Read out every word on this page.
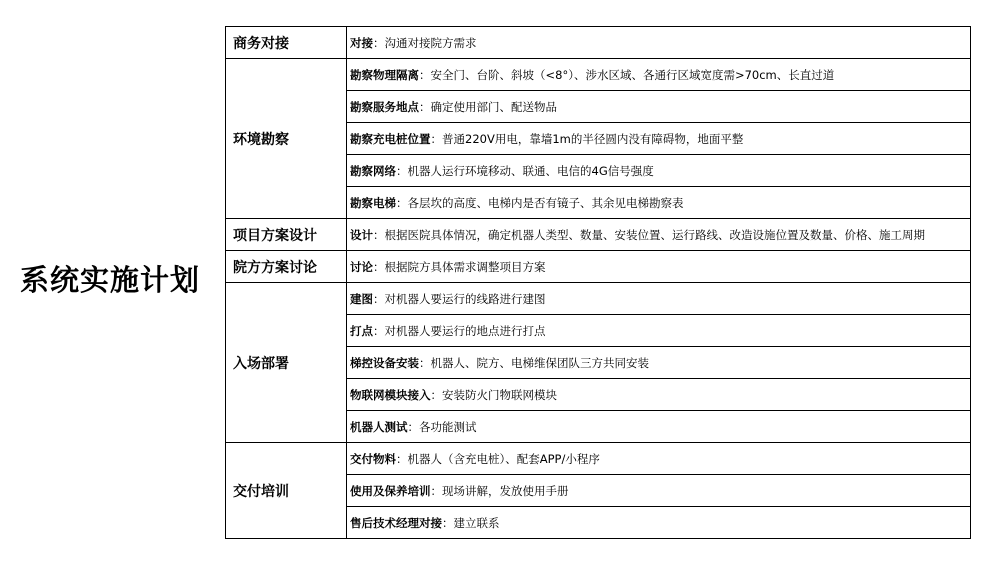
系统实施计划
商务对接	对接：沟通对接院方需求
环境勘察	勘察物理隔离：安全门、台阶、斜坡（<8°）、涉水区域、各通行区域宽度需>70cm、长直过道
	勘察服务地点：确定使用部门、配送物品
	勘察充电桩位置：普通220V用电，靠墙1m的半径圆内没有障碍物，地面平整
	勘察网络：机器人运行环境移动、联通、电信的4G信号强度
	勘察电梯：各层坎的高度、电梯内是否有镜子、其余见电梯勘察表
项目方案设计	设计：根据医院具体情况，确定机器人类型、数量、安装位置、运行路线、改造设施位置及数量、价格、施工周期
院方方案讨论	讨论：根据院方具体需求调整项目方案
入场部署	建图：对机器人要运行的线路进行建图
	打点：对机器人要运行的地点进行打点
	梯控设备安装：机器人、院方、电梯维保团队三方共同安装
	物联网模块接入：安装防火门物联网模块
	机器人测试：各功能测试
交付培训	交付物料：机器人（含充电桩）、配套APP/小程序
	使用及保养培训：现场讲解，发放使用手册
	售后技术经理对接：建立联系
